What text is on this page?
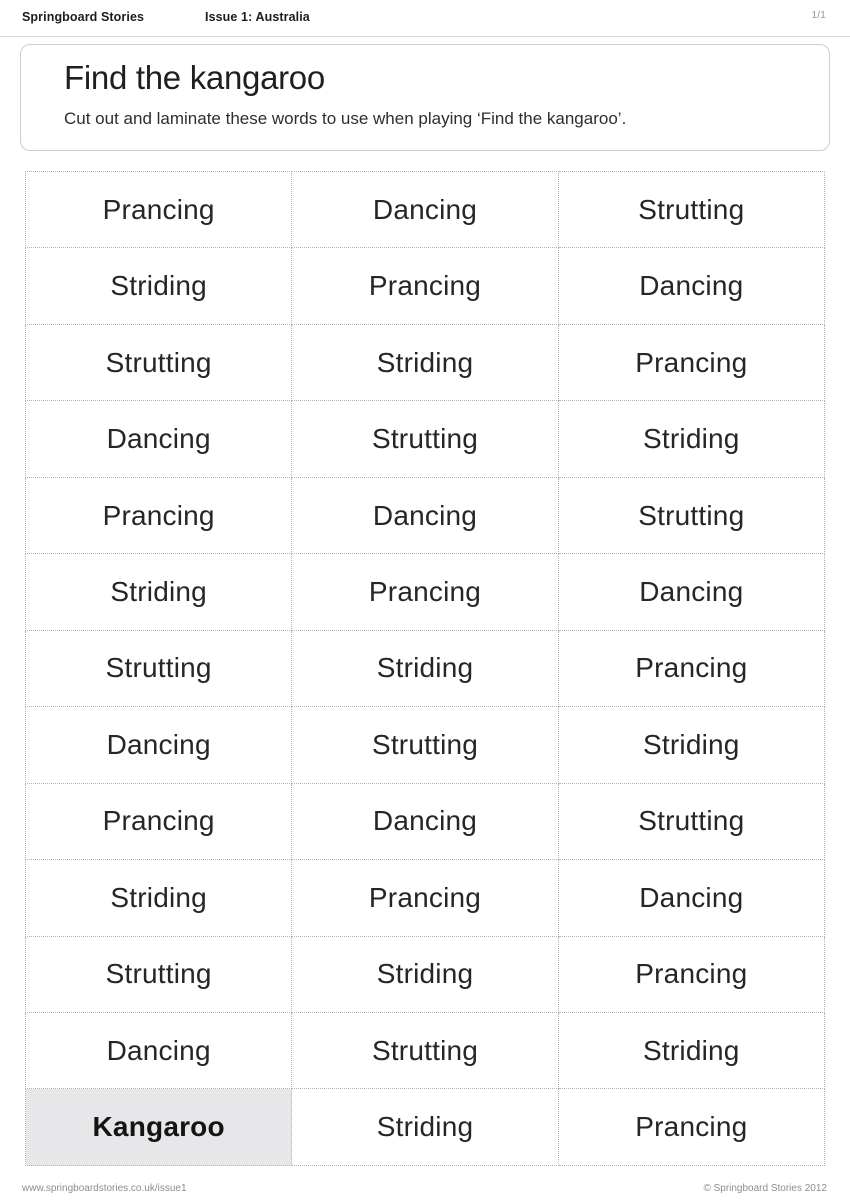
Springboard Stories	Issue 1: Australia	1/1
Find the kangaroo
Cut out and laminate these words to use when playing ‘Find the kangaroo’.
Prancing	Dancing	Strutting
Striding	Prancing	Dancing
Strutting	Striding	Prancing
Dancing	Strutting	Striding
Prancing	Dancing	Strutting
Striding	Prancing	Dancing
Strutting	Striding	Prancing
Dancing	Strutting	Striding
Prancing	Dancing	Strutting
Striding	Prancing	Dancing
Strutting	Striding	Prancing
Dancing	Strutting	Striding
Kangaroo	Striding	Prancing
www.springboardstories.co.uk/issue1	© Springboard Stories 2012
